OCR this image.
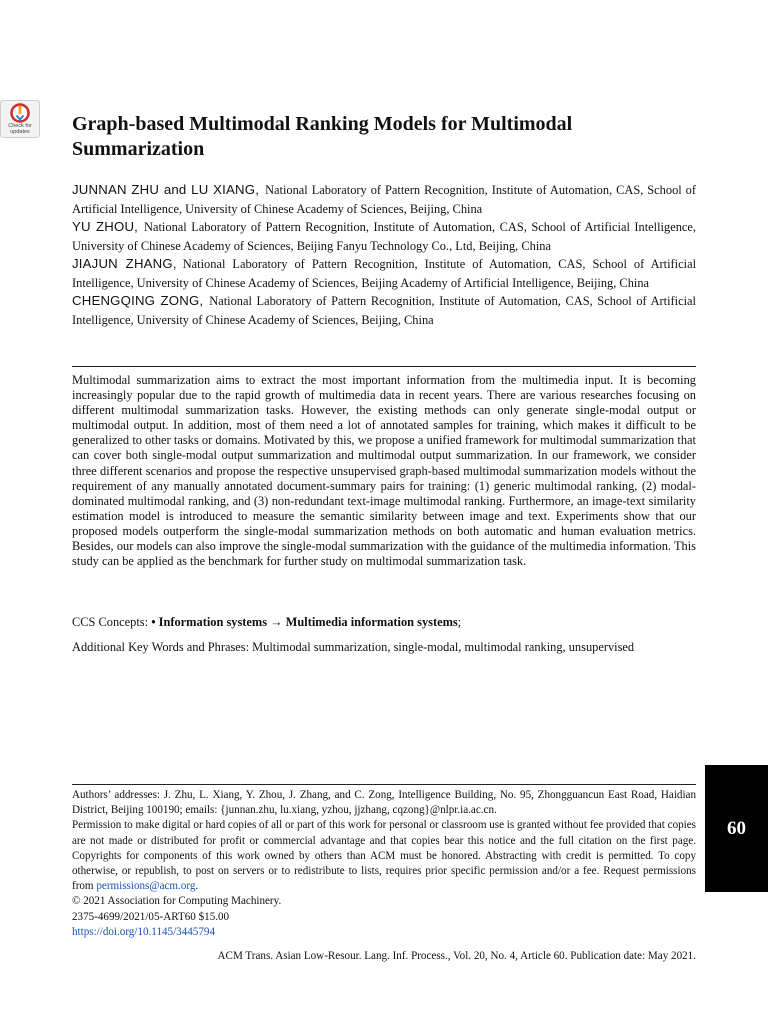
Check for
updates	Graph-based Multimodal Ranking Models for Multimodal Summarization

JUNNAN ZHU and LU XIANG, National Laboratory of Pattern Recognition, Institute of Automation, CAS, School of Artificial Intelligence, University of Chinese Academy of Sciences, Beijing, China

YU ZHOU, National Laboratory of Pattern Recognition, Institute of Automation, CAS, School of Artificial Intelligence, University of Chinese Academy of Sciences, Beijing Fanyu Technology Co., Ltd, Beijing, China

JIAJUN ZHANG, National Laboratory of Pattern Recognition, Institute of Automation, CAS, School of Artificial Intelligence, University of Chinese Academy of Sciences, Beijing Academy of Artificial Intelligence, Beijing, China

CHENGQING ZONG, National Laboratory of Pattern Recognition, Institute of Automation, CAS, School of Artificial Intelligence, University of Chinese Academy of Sciences, Beijing, China

Multimodal summarization aims to extract the most important information from the multimedia input. It is becoming increasingly popular due to the rapid growth of multimedia data in recent years. There are various researches focusing on different multimodal summarization tasks. However, the existing methods can only generate single-modal output or multimodal output. In addition, most of them need a lot of annotated samples for training, which makes it difficult to be generalized to other tasks or domains. Motivated by this, we propose a unified framework for multimodal summarization that can cover both single-modal output summarization and multimodal output summarization. In our framework, we consider three different scenarios and propose the respective unsupervised graph-based multimodal summarization models without the requirement of any manually annotated document-summary pairs for training: (1) generic multimodal ranking, (2) modal-dominated multimodal ranking, and (3) non-redundant text-image multimodal ranking. Furthermore, an image-text similarity estimation model is introduced to measure the semantic similarity between image and text. Experiments show that our proposed models outperform the single-modal summarization methods on both automatic and human evaluation metrics. Besides, our models can also improve the single-modal summarization with the guidance of the multimedia information. This study can be applied as the benchmark for further study on multimodal summarization task.

CCS Concepts: • Information systems → Multimedia information systems;

Additional Key Words and Phrases: Multimodal summarization, single-modal, multimodal ranking, unsupervised

Authors’ addresses: J. Zhu, L. Xiang, Y. Zhou, J. Zhang, and C. Zong, Intelligence Building, No. 95, Zhongguancun East Road, Haidian District, Beijing 100190; emails: {junnan.zhu, lu.xiang, yzhou, jjzhang, cqzong}@nlpr.ia.ac.cn.

Permission to make digital or hard copies of all or part of this work for personal or classroom use is granted without fee provided that copies are not made or distributed for profit or commercial advantage and that copies bear this notice and the full citation on the first page. Copyrights for components of this work owned by others than ACM must be honored. Abstracting with credit is permitted. To copy otherwise, or republish, to post on servers or to redistribute to lists, requires prior specific permission and/or a fee. Request permissions from permissions@acm.org.

© 2021 Association for Computing Machinery.

2375-4699/2021/05-ART60 $15.00

https://doi.org/10.1145/3445794

60

ACM Trans. Asian Low-Resour. Lang. Inf. Process., Vol. 20, No. 4, Article 60. Publication date: May 2021.
